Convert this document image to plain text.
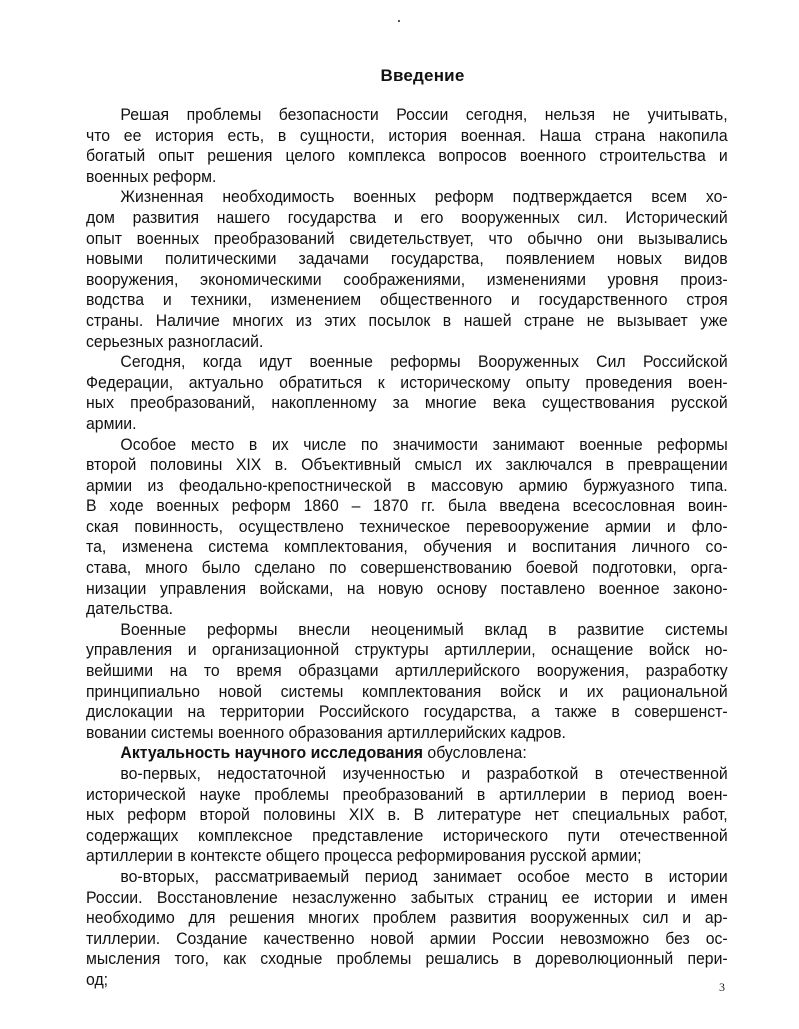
Введение
Решая проблемы безопасности России сегодня, нельзя не учитывать,
что ее история есть, в сущности, история военная. Наша страна накопила
богатый опыт решения целого комплекса вопросов военного строительства и
военных реформ.
Жизненная необходимость военных реформ подтверждается всем хо-
дом развития нашего государства и его вооруженных сил. Исторический
опыт военных преобразований свидетельствует, что обычно они вызывались
новыми политическими задачами государства, появлением новых видов
вооружения, экономическими соображениями, изменениями уровня произ-
водства и техники, изменением общественного и государственного строя
страны. Наличие многих из этих посылок в нашей стране не вызывает уже
серьезных разногласий.
Сегодня, когда идут военные реформы Вооруженных Сил Российской
Федерации, актуально обратиться к историческому опыту проведения воен-
ных преобразований, накопленному за многие века существования русской
армии.
Особое место в их числе по значимости занимают военные реформы
второй половины XIX в. Объективный смысл их заключался в превращении
армии из феодально-крепостнической в массовую армию буржуазного типа.
В ходе военных реформ 1860 – 1870 гг. была введена всесословная воин-
ская повинность, осуществлено техническое перевооружение армии и фло-
та, изменена система комплектования, обучения и воспитания личного со-
става, много было сделано по совершенствованию боевой подготовки, орга-
низации управления войсками, на новую основу поставлено военное законо-
дательства.
Военные реформы внесли неоценимый вклад в развитие системы
управления и организационной структуры артиллерии, оснащение войск но-
вейшими на то время образцами артиллерийского вооружения, разработку
принципиально новой системы комплектования войск и их рациональной
дислокации на территории Российского государства, а также в совершенст-
вовании системы военного образования артиллерийских кадров.
Актуальность научного исследования обусловлена:
во-первых, недостаточной изученностью и разработкой в отечественной
исторической науке проблемы преобразований в артиллерии в период воен-
ных реформ второй половины XIX в. В литературе нет специальных работ,
содержащих комплексное представление исторического пути отечественной
артиллерии в контексте общего процесса реформирования русской армии;
во-вторых, рассматриваемый период занимает особое место в истории
России. Восстановление незаслуженно забытых страниц ее истории и имен
необходимо для решения многих проблем развития вооруженных сил и ар-
тиллерии. Создание качественно новой армии России невозможно без ос-
мысления того, как сходные проблемы решались в дореволюционный пери-
од;	3
